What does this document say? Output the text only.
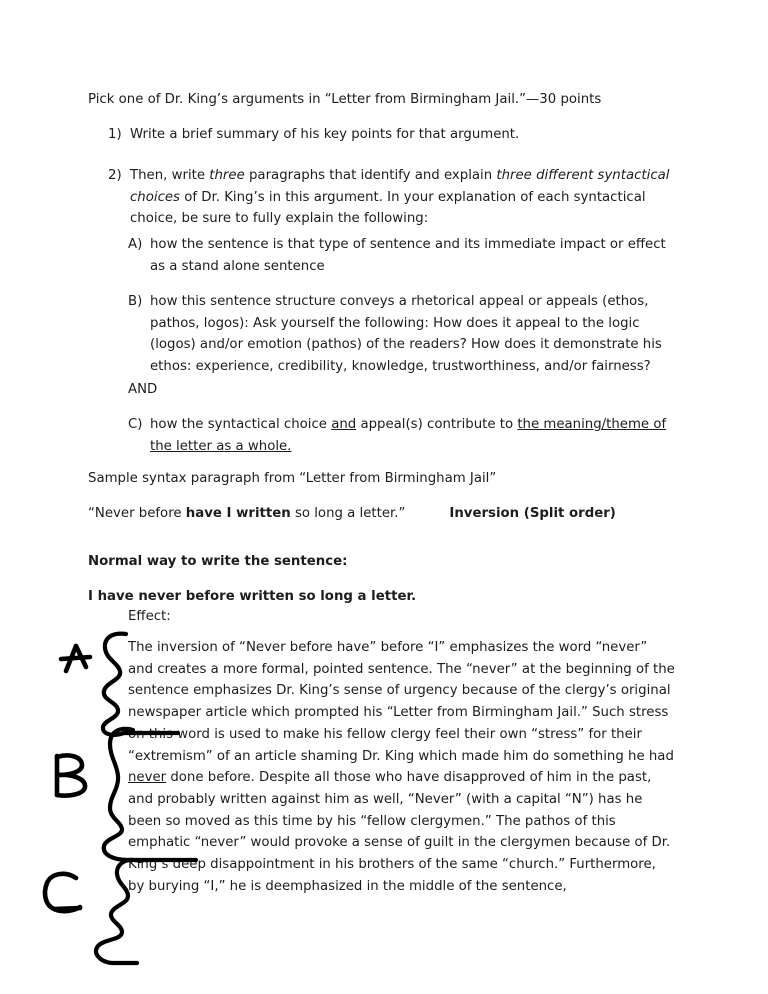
Pick one of Dr. King’s arguments in “Letter from Birmingham Jail.”—30 points
1) Write a brief summary of his key points for that argument.
2) Then, write three paragraphs that identify and explain three different syntactical choices of Dr. King’s in this argument. In your explanation of each syntactical choice, be sure to fully explain the following:
A) how the sentence is that type of sentence and its immediate impact or effect as a stand alone sentence
B) how this sentence structure conveys a rhetorical appeal or appeals (ethos, pathos, logos): Ask yourself the following: How does it appeal to the logic (logos) and/or emotion (pathos) of the readers? How does it demonstrate his ethos: experience, credibility, knowledge, trustworthiness, and/or fairness?
AND
C) how the syntactical choice and appeal(s) contribute to the meaning/theme of the letter as a whole.
Sample syntax paragraph from “Letter from Birmingham Jail”
“Never before have I written so long a letter.”	Inversion (Split order)
Normal way to write the sentence:
I have never before written so long a letter.
Effect:
The inversion of “Never before have” before “I” emphasizes the word “never” and creates a more formal, pointed sentence. The “never” at the beginning of the sentence emphasizes Dr. King’s sense of urgency because of the clergy’s original newspaper article which prompted his “Letter from Birmingham Jail.” Such stress on this word is used to make his fellow clergy feel their own “stress” for their “extremism” of an article shaming Dr. King which made him do something he had never done before. Despite all those who have disapproved of him in the past, and probably written against him as well, “Never” (with a capital “N”) has he been so moved as this time by his “fellow clergymen.” The pathos of this emphatic “never” would provoke a sense of guilt in the clergymen because of Dr. King’s deep disappointment in his brothers of the same “church.” Furthermore, by burying “I,” he is deemphasized in the middle of the sentence,
